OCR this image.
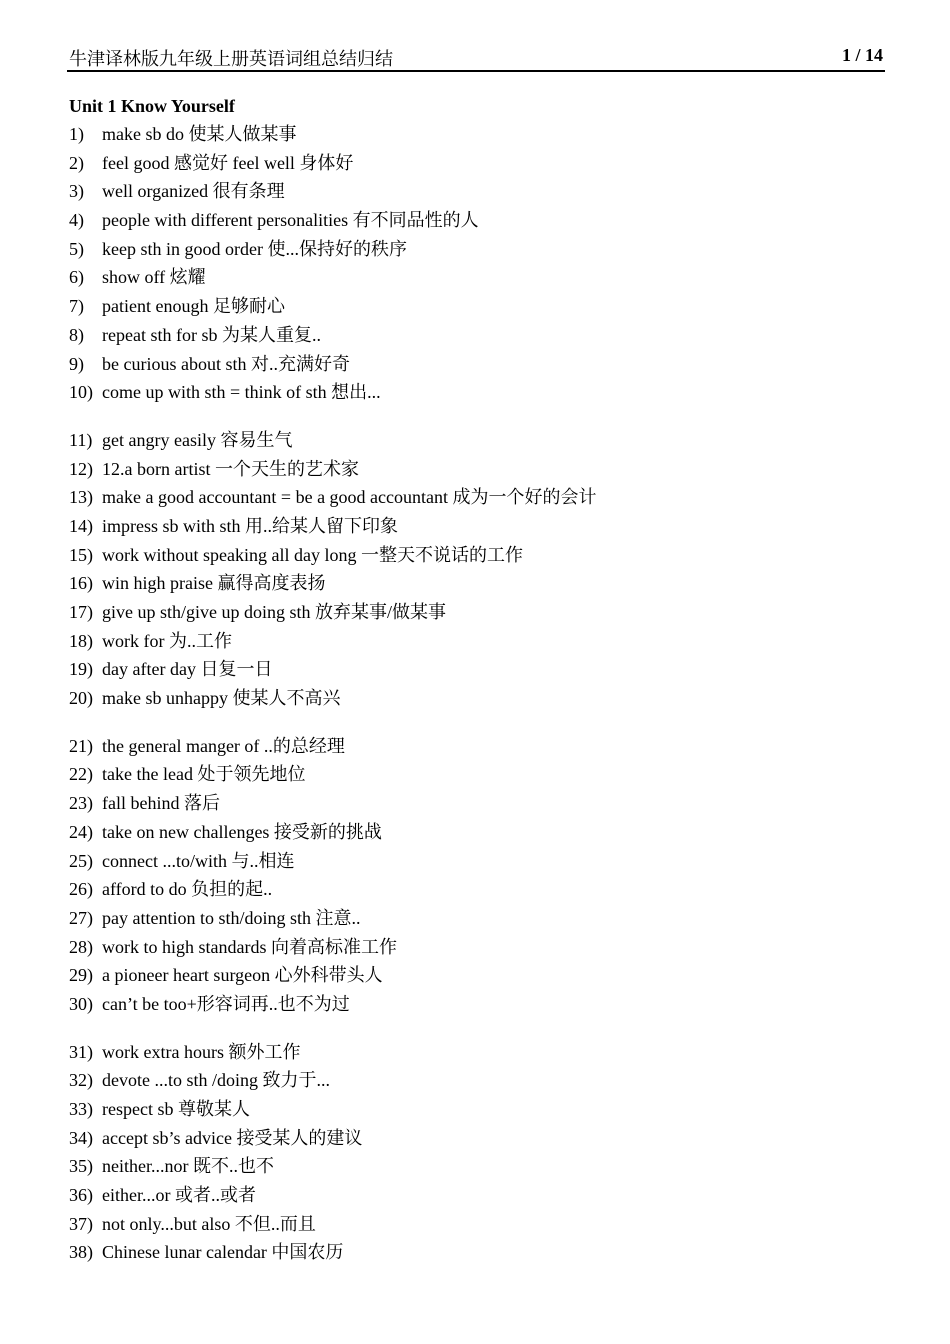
牛津译林版九年级上册英语词组总结归结	1 / 14
Unit 1 Know Yourself
1) make sb do 使某人做某事
2) feel good 感觉好 feel well 身体好
3) well organized 很有条理
4) people with different personalities 有不同品性的人
5) keep sth in good order 使...保持好的秩序
6) show off 炫耀
7) patient enough 足够耐心
8) repeat sth for sb 为某人重复..
9) be curious about sth 对..充满好奇
10) come up with sth = think of sth 想出...
11) get angry easily 容易生气
12) 12.a born artist 一个天生的艺术家
13) make a good accountant = be a good accountant 成为一个好的会计
14) impress sb with sth 用..给某人留下印象
15) work without speaking all day long 一整天不说话的工作
16) win high praise 赢得高度表扬
17) give up sth/give up doing sth 放弃某事/做某事
18) work for 为..工作
19) day after day 日复一日
20) make sb unhappy 使某人不高兴
21) the general manger of ..的总经理
22) take the lead 处于领先地位
23) fall behind 落后
24) take on new challenges 接受新的挑战
25) connect ...to/with 与..相连
26) afford to do 负担的起..
27) pay attention to sth/doing sth 注意..
28) work to high standards 向着高标准工作
29) a pioneer heart surgeon 心外科带头人
30) can’t be too+形容词再..也不为过
31) work extra hours 额外工作
32) devote ...to sth /doing 致力于...
33) respect sb 尊敬某人
34) accept sb’s advice 接受某人的建议
35) neither...nor 既不..也不
36) either...or 或者..或者
37) not only...but also 不但..而且
38) Chinese lunar calendar 中国农历
